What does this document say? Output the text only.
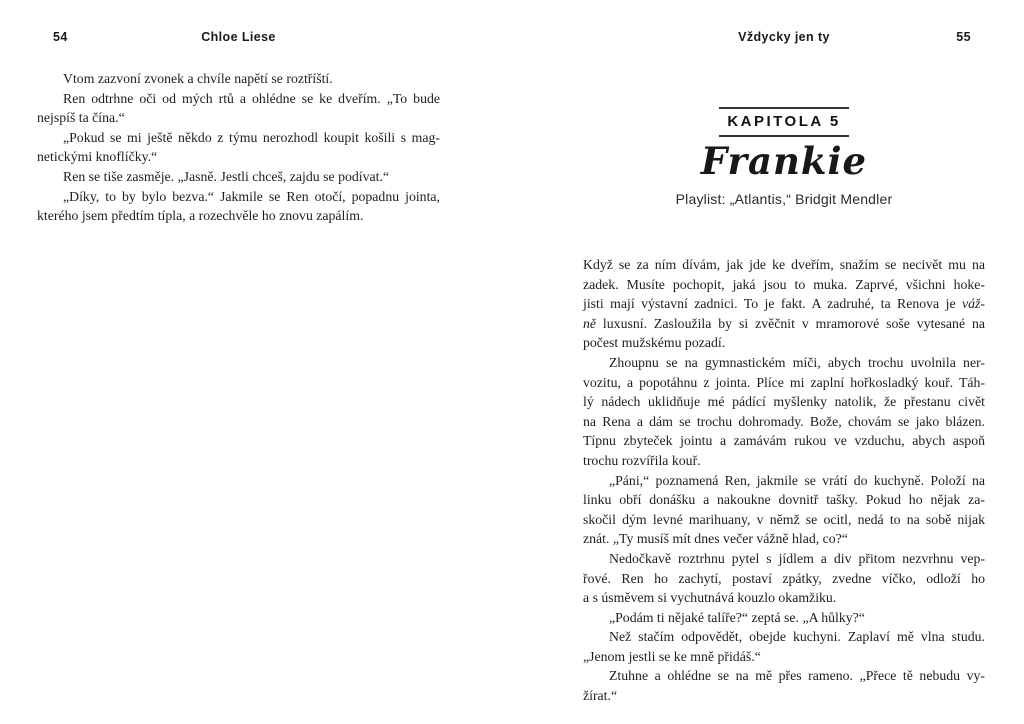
54	Chloe Liese
Vtom zazvoní zvonek a chvíle napětí se roztříští.
Ren odtrhne oči od mých rtů a ohlédne se ke dveřím. „To bude
nejspíš ta čína.“
„Pokud se mi ještě někdo z týmu nerozhodl koupit košili s mag-
netickými knoflíčky.“
Ren se tiše zasměje. „Jasně. Jestli chceš, zajdu se podívat.“
„Díky, to by bylo bezva.“ Jakmile se Ren otočí, popadnu jointa,
kterého jsem předtím típla, a rozechvěle ho znovu zapálím.
Vždycky jen ty	55
KAPITOLA 5
Frankie
Playlist: „Atlantis,“ Bridgit Mendler
Když se za ním dívám, jak jde ke dveřím, snažím se necivět mu na
zadek. Musíte pochopit, jaká jsou to muka. Zaprvé, všichni hoke-
jisti mají výstavní zadnici. To je fakt. A zadruhé, ta Renova je váž-
ně luxusní. Zasloužila by si zvěčnit v mramorové soše vytesané na
počest mužskému pozadí.
Zhoupnu se na gymnastickém míči, abych trochu uvolnila ner-
vozitu, a popotáhnu z jointa. Plíce mi zaplní hořkosladký kouř. Táh-
lý nádech uklidňuje mé pádící myšlenky natolik, že přestanu civět
na Rena a dám se trochu dohromady. Bože, chovám se jako blázen.
Típnu zbyteček jointu a zamávám rukou ve vzduchu, abych aspoň
trochu rozvířila kouř.
„Páni,“ poznamená Ren, jakmile se vrátí do kuchyně. Položí na
linku obří donášku a nakoukne dovnitř tašky. Pokud ho nějak za-
skočil dým levné marihuany, v němž se ocitl, nedá to na sobě nijak
znát. „Ty musíš mít dnes večer vážně hlad, co?“
Nedočkavě roztrhnu pytel s jídlem a div přitom nezvrhnu vep-
řové. Ren ho zachytí, postaví zpátky, zvedne víčko, odloží ho
a s úsměvem si vychutnává kouzlo okamžiku.
„Podám ti nějaké talíře?“ zeptá se. „A hůlky?“
Než stačím odpovědět, obejde kuchyni. Zaplaví mě vlna studu.
„Jenom jestli se ke mně přidáš.“
Ztuhne a ohlédne se na mě přes rameno. „Přece tě nebudu vy-
žírat.“
